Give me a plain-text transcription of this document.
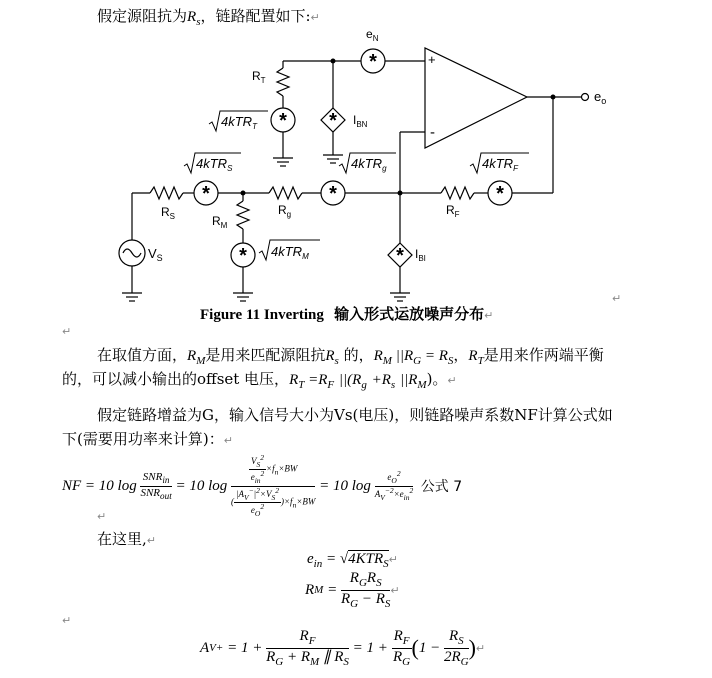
假定源阻抗为$R_s$，链路配置如下:↵
*
*
*	*	*
*
*
*
$e_N$
$e_o$
$R_T$
$I_{BN}$
$R_S$	$R_M$
$R_g$	$R_F$
$V_S$	$I_{BI}$
+
-
4kTR$_T$
4kTR$_S$	4kTR$_g$	4kTR$_F$
4kTR$_M$
Figure 11 Inverting 输入形式运放噪声分布↵
↵
↵
在取值方面，$R_M$是用来匹配源阻抗$R_s$ 的，$R_M$ $||R_G = R_S$，$R_T$是用来作两端平衡
的，可以减小输出的offset 电压，$R_T =R_F$ $||(R_g +R_s$ $||R_M$)。↵
假定链路增益为G，输入信号大小为Vs(电压)，则链路噪声系数NF计算公式如
下(需要用功率来计算)：↵
NF = 10 log
$\frac{SNR_{in}}{SNR_{out}}$
= 10 log
$\frac{\frac{V_S^2}{e_{in}^2} \times f_n\times BW}{( \frac{|A_V^-|^2\times V_S^2}{e_O^2} )\times f_n\times BW}$
= 10 log
$\frac{e_O^2}{A_V^{-2}\times e_{in}^2}$
公式 7
↵
在这里,↵
$e_{in}$ = $√4KTR_S↵$
R $M = \frac{R_GR_S}{R_G - R_S}$ ↵
↵
A V + = $1 + \frac{R_F}{R_G + R_M \parallel R_S} = 1 + \frac{R_F}{R_G}$ ( $1 - \frac{R_S}{2R_G}$ ) ↵
